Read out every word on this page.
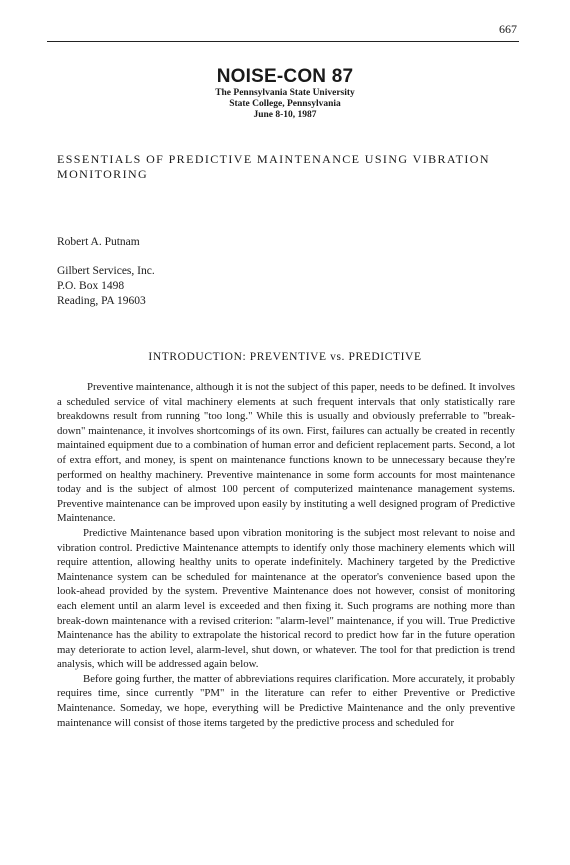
667
NOISE-CON 87
The Pennsylvania State University
State College, Pennsylvania
June 8-10, 1987
ESSENTIALS OF PREDICTIVE MAINTENANCE USING VIBRATION MONITORING
Robert A. Putnam
Gilbert Services, Inc.
P.O. Box 1498
Reading, PA 19603
INTRODUCTION: PREVENTIVE vs. PREDICTIVE

Preventive maintenance, although it is not the subject of this paper, needs to be defined. It involves a scheduled service of vital machinery elements at such frequent intervals that only statistically rare breakdowns result from running "too long." While this is usually and obviously preferrable to "break-down" maintenance, it involves shortcomings of its own. First, failures can actually be created in recently maintained equipment due to a combination of human error and deficient replacement parts. Second, a lot of extra effort, and money, is spent on maintenance functions known to be unnecessary because they're performed on healthy machinery. Preventive maintenance in some form accounts for most maintenance today and is the subject of almost 100 percent of computerized maintenance management systems. Preventive maintenance can be improved upon easily by instituting a well designed program of Predictive Maintenance.

Predictive Maintenance based upon vibration monitoring is the subject most relevant to noise and vibration control. Predictive Maintenance attempts to identify only those machinery elements which will require attention, allowing healthy units to operate indefinitely. Machinery targeted by the Predictive Maintenance system can be scheduled for maintenance at the operator's convenience based upon the look-ahead provided by the system. Preventive Maintenance does not however, consist of monitoring each element until an alarm level is exceeded and then fixing it. Such programs are nothing more than break-down maintenance with a revised criterion: "alarm-level" maintenance, if you will. True Predictive Maintenance has the ability to extrapolate the historical record to predict how far in the future operation may deteriorate to action level, alarm-level, shut down, or whatever. The tool for that prediction is trend analysis, which will be addressed again below.

Before going further, the matter of abbreviations requires clarification. More accurately, it probably requires time, since currently "PM" in the literature can refer to either Preventive or Predictive Maintenance. Someday, we hope, everything will be Predictive Maintenance and the only preventive maintenance will consist of those items targeted by the predictive process and scheduled for
